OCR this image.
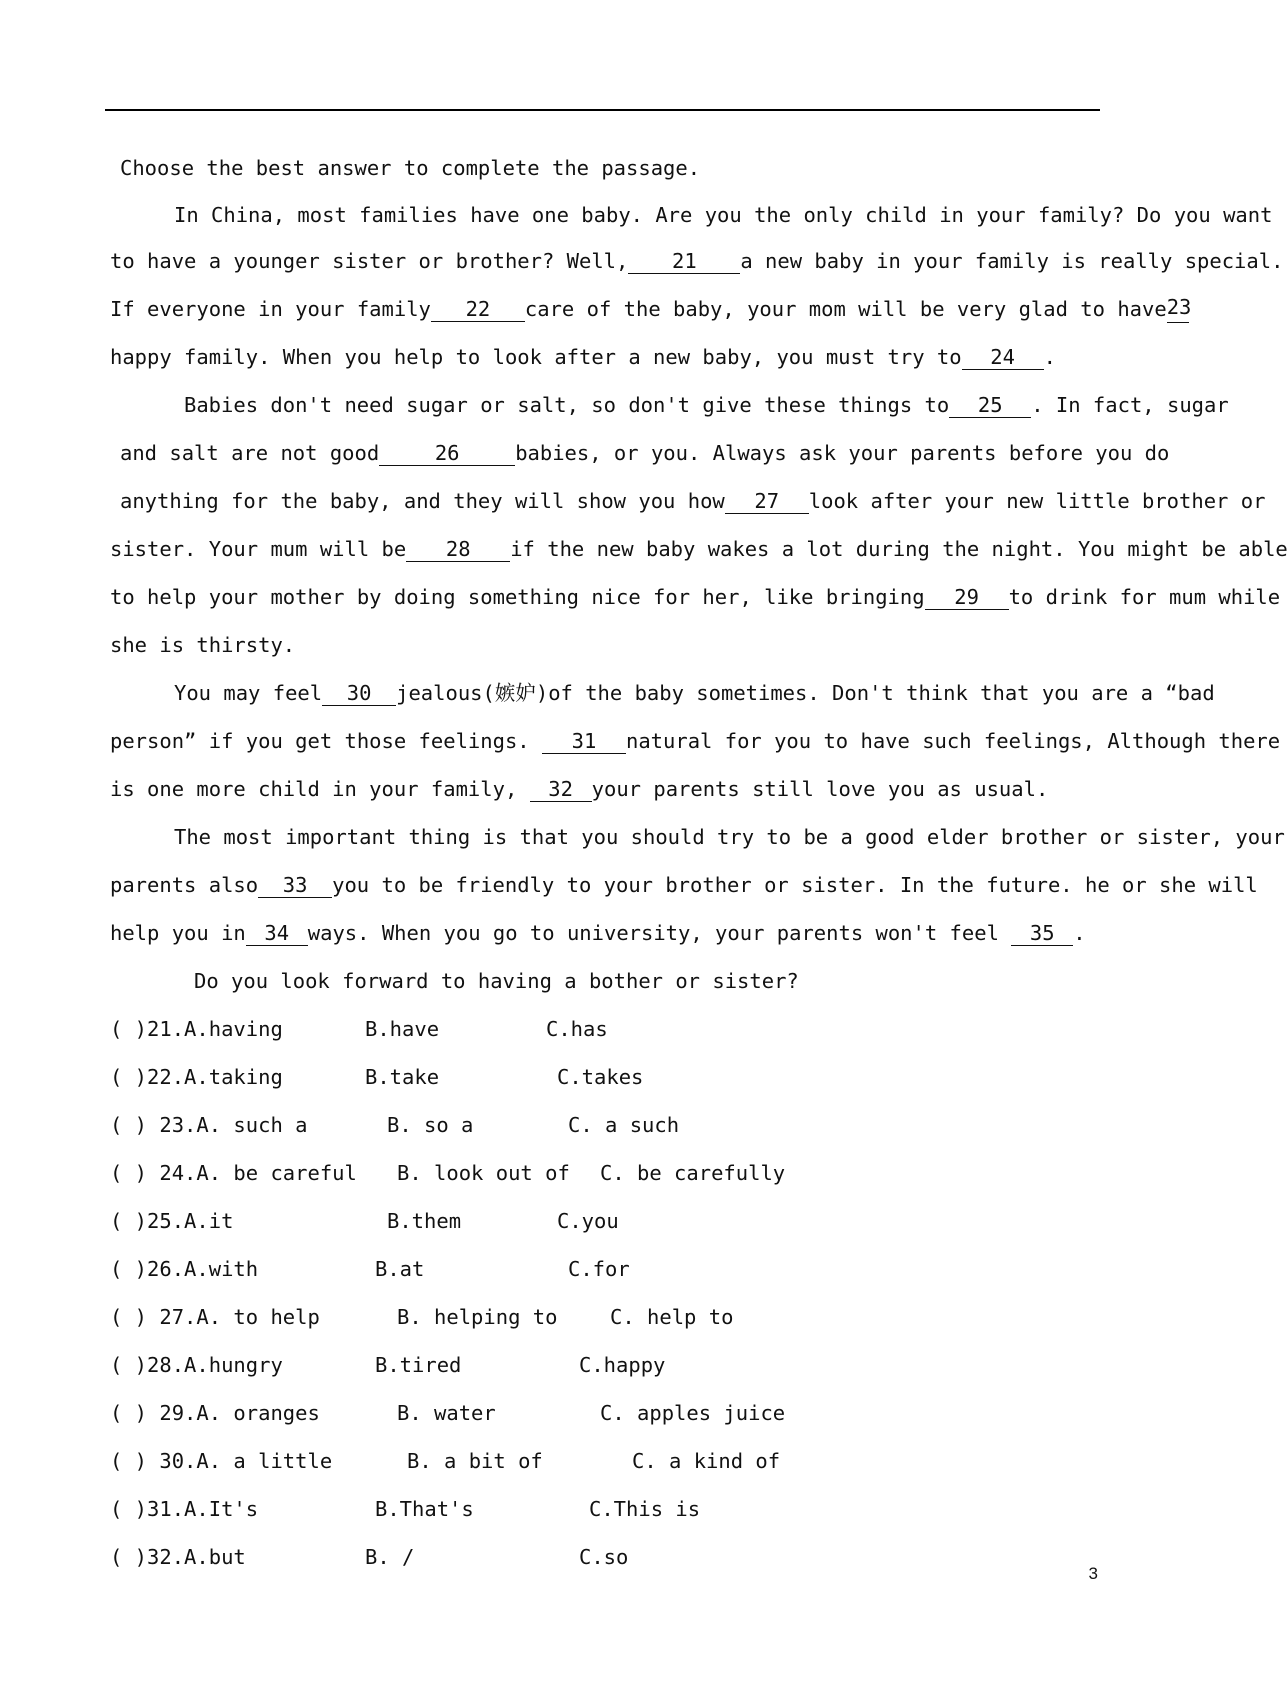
Choose the best answer to complete the passage.
In China, most families have one baby. Are you the only child in your family? Do you want
to have a younger sister or brother? Well, 21 a new baby in your family is really special.
If everyone in your family 22 care of the baby, your mom will be very glad to have 23
happy family. When you help to look after a new baby, you must try to 24 .
Babies don't need sugar or salt, so don't give these things to 25	. In fact, sugar
and salt are not good	26	babies, or you. Always ask your parents before you do
anything for the baby, and they will show you how 27	look after your new little brother or
sister. Your mum will be 28	if the new baby wakes a lot during the night. You might be able
to help your mother by doing something nice for her, like bringing 29	to drink for mum while
she is thirsty.
You may feel 30	jealous(嫉妒)of the baby sometimes. Don't think that you are a “bad
person” if you get those feelings. 31	natural for you to have such feelings, Although there
is one more child in your family, 32 your parents still love you as usual.
The most important thing is that you should try to be a good elder brother or sister, your
parents also 33	you to be friendly to your brother or sister. In the future. he or she will
help you in 34 ways. When you go to university, your parents won't feel 35 .
Do you look forward to having a bother or sister?
( )21.A.having	B.have	C.has
( )22.A.taking	B.take	C.takes
( ) 23.A. such a	B. so a	C. a such
( ) 24.A. be careful B. look out of C. be carefully
( )25.A.it	B.them	C.you
( )26.A.with	B.at	C.for
( ) 27.A. to help	B. helping to	C. help to
( )28.A.hungry	B.tired	C.happy
( ) 29.A. oranges	B. water	C. apples juice
( ) 30.A. a little	B. a bit of	C. a kind of
( )31.A.It's	B.That's	C.This is
( )32.A.but	B. /	C.so
3
